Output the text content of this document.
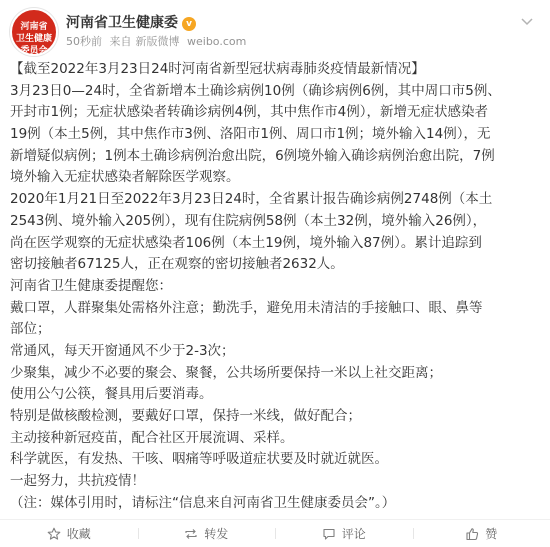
河南省
卫生健康
委员会
河南省卫生健康委 v
50秒前 来自 新版微博 weibo.com
【截至2022年3月23日24时河南省新型冠状病毒肺炎疫情最新情况】
3月23日0—24时，全省新增本土确诊病例10例（确诊病例6例，其中周口市5例、
开封市1例；无症状感染者转确诊病例4例，其中焦作市4例），新增无症状感染者
19例（本土5例，其中焦作市3例、洛阳市1例、周口市1例；境外输入14例），无
新增疑似病例；1例本土确诊病例治愈出院，6例境外输入确诊病例治愈出院，7例
境外输入无症状感染者解除医学观察。
2020年1月21日至2022年3月23日24时，全省累计报告确诊病例2748例（本土
2543例、境外输入205例），现有住院病例58例（本土32例，境外输入26例），
尚在医学观察的无症状感染者106例（本土19例，境外输入87例）。累计追踪到
密切接触者67125人，正在观察的密切接触者2632人。
河南省卫生健康委提醒您：
戴口罩，人群聚集处需格外注意；勤洗手，避免用未清洁的手接触口、眼、鼻等
部位；
常通风，每天开窗通风不少于2-3次；
少聚集，减少不必要的聚会、聚餐，公共场所要保持一米以上社交距离；
使用公勺公筷，餐具用后要消毒。
特别是做核酸检测，要戴好口罩，保持一米线，做好配合；
主动接种新冠疫苗，配合社区开展流调、采样。
科学就医，有发热、干咳、咽痛等呼吸道症状要及时就近就医。
一起努力，共抗疫情！
（注：媒体引用时，请标注“信息来自河南省卫生健康委员会”。）
收藏	转发	评论	赞
